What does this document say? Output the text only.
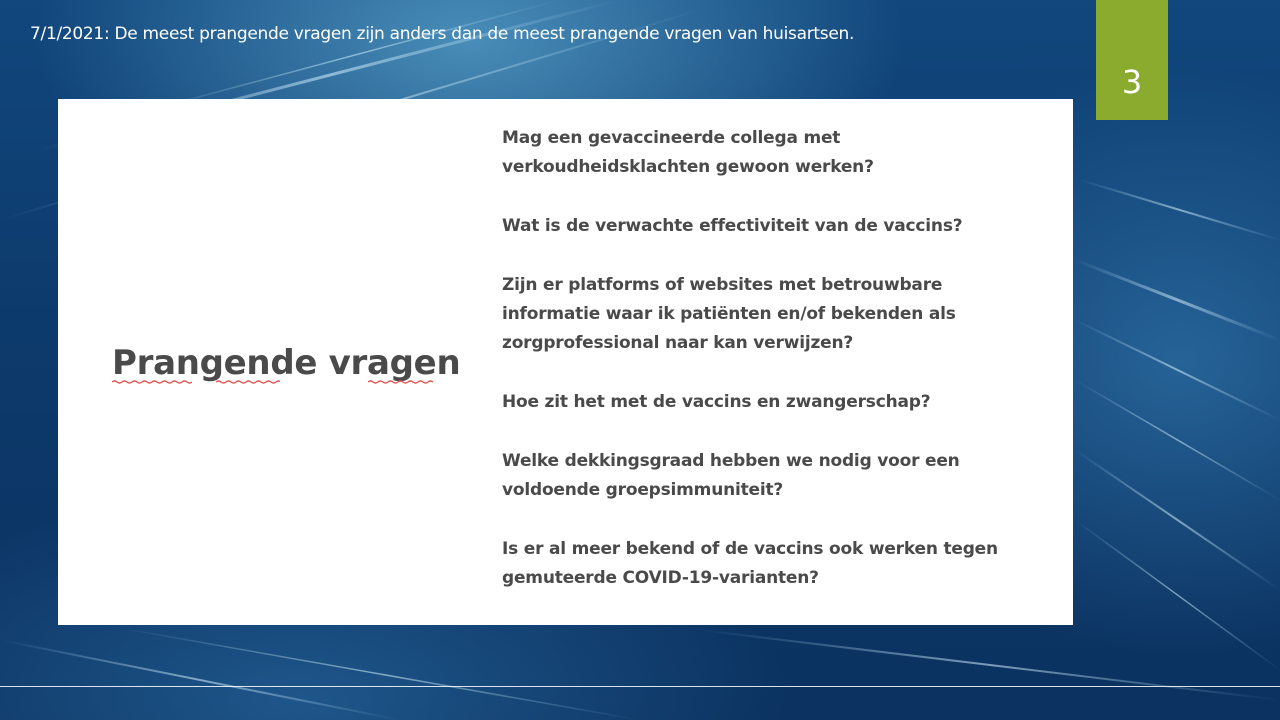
7/1/2021: De meest prangende vragen zijn anders dan de meest prangende vragen van huisartsen.
3
Prangende vragen
Mag een gevaccineerde collega met verkoudheidsklachten gewoon werken?
Wat is de verwachte effectiviteit van de vaccins?
Zijn er platforms of websites met betrouwbare informatie waar ik patiënten en/of bekenden als zorgprofessional naar kan verwijzen?
Hoe zit het met de vaccins en zwangerschap?
Welke dekkingsgraad hebben we nodig voor een voldoende groepsimmuniteit?
Is er al meer bekend of de vaccins ook werken tegen gemuteerde COVID-19-varianten?
